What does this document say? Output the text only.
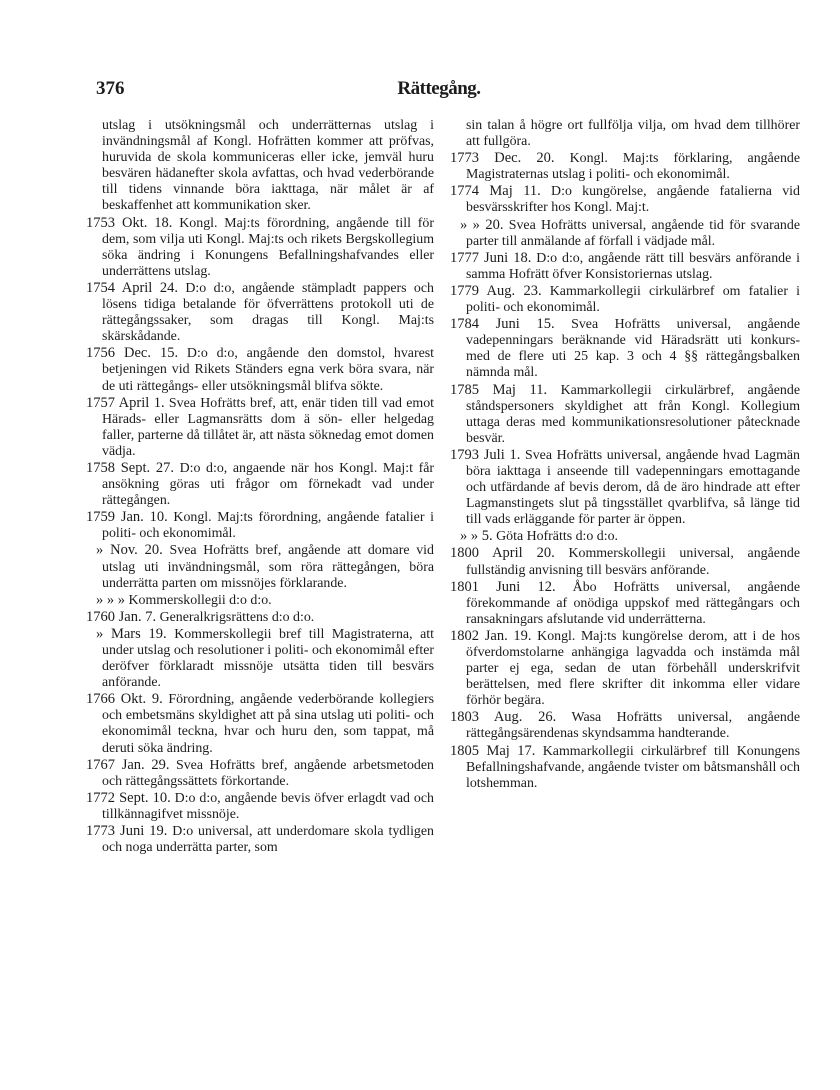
376	Rättegång.

utslag i utsökningsmål och underrätternas utslag i invändningsmål af Kongl. Hofrätten kommer att pröfvas, huruvida de skola kommuniceras eller icke, jemväl huru besvären hädanefter skola avfattas, och hvad vederbörande till tidens vinnande böra iakttaga, när målet är af beskaffenhet att kommunikation sker.

1753 Okt. 18. Kongl. Maj:ts förordning, angående till för dem, som vilja uti Kongl. Maj:ts och rikets Bergskollegium söka ändring i Konungens Befallningshafvandes eller underrättens utslag.

1754 April 24. D:o d:o, angående stämpladt pappers och lösens tidiga betalande för öfverrättens protokoll uti de rättegångssaker, som dragas till Kongl. Maj:ts skärskådande.

1756 Dec. 15. D:o d:o, angående den domstol, hvarest betjeningen vid Rikets Ständers egna verk böra svara, när de uti rättegångs- eller utsökningsmål blifva sökte.

1757 April 1. Svea Hofrätts bref, att, enär tiden till vad emot Härads- eller Lagmansrätts dom ä sön- eller helgedag faller, parterne då tillåtet är, att nästa söknedag emot domen vädja.

1758 Sept. 27. D:o d:o, angaende när hos Kongl. Maj:t får ansökning göras uti frågor om förnekadt vad under rättegången.

1759 Jan. 10. Kongl. Maj:ts förordning, angående fatalier i politi- och ekonomimål.

» Nov. 20. Svea Hofrätts bref, angående att domare vid utslag uti invändningsmål, som röra rättegången, böra underrätta parten om missnöjes förklarande.

» » » Kommerskollegii d:o d:o.

1760 Jan. 7. Generalkrigsrättens d:o d:o.

» Mars 19. Kommerskollegii bref till Magistraterna, att under utslag och resolutioner i politi- och ekonomimål efter deröfver förklaradt missnöje utsätta tiden till besvärs anförande.

1766 Okt. 9. Förordning, angående vederbörande kollegiers och embetsmäns skyldighet att på sina utslag uti politi- och ekonomimål teckna, hvar och huru den, som tappat, må deruti söka ändring.

1767 Jan. 29. Svea Hofrätts bref, angående arbetsmetoden och rättegångssättets förkortande.

1772 Sept. 10. D:o d:o, angående bevis öfver erlagdt vad och tillkännagifvet missnöje.

1773 Juni 19. D:o universal, att underdomare skola tydligen och noga underrätta parter, som

sin talan å högre ort fullfölja vilja, om hvad dem tillhörer att fullgöra.

1773 Dec. 20. Kongl. Maj:ts förklaring, angående Magistraternas utslag i politi- och ekonomimål.

1774 Maj 11. D:o kungörelse, angående fatalierna vid besvärsskrifter hos Kongl. Maj:t.

» » 20. Svea Hofrätts universal, angående tid för svarande parter till anmälande af förfall i vädjade mål.

1777 Juni 18. D:o d:o, angående rätt till besvärs anförande i samma Hofrätt öfver Konsistoriernas utslag.

1779 Aug. 23. Kammarkollegii cirkulärbref om fatalier i politi- och ekonomimål.

1784 Juni 15. Svea Hofrätts universal, angående vadepenningars beräknande vid Häradsrätt uti konkurs- med de flere uti 25 kap. 3 och 4 §§ rättegångsbalken nämnda mål.

1785 Maj 11. Kammarkollegii cirkulärbref, angående ståndspersoners skyldighet att från Kongl. Kollegium uttaga deras med kommunikationsresolutioner påtecknade besvär.

1793 Juli 1. Svea Hofrätts universal, angående hvad Lagmän böra iakttaga i anseende till vadepenningars emottagande och utfärdande af bevis derom, då de äro hindrade att efter Lagmanstingets slut på tingsstället qvarblifva, så länge tid till vads erläggande för parter är öppen.

» » 5. Göta Hofrätts d:o d:o.

1800 April 20. Kommerskollegii universal, angående fullständig anvisning till besvärs anförande.

1801 Juni 12. Åbo Hofrätts universal, angående förekommande af onödiga uppskof med rättegångars och ransakningars afslutande vid underrätterna.

1802 Jan. 19. Kongl. Maj:ts kungörelse derom, att i de hos öfverdomstolarne anhängiga lagvadda och instämda mål parter ej ega, sedan de utan förbehåll underskrifvit berättelsen, med flere skrifter dit inkomma eller vidare förhör begära.

1803 Aug. 26. Wasa Hofrätts universal, angående rättegångsärendenas skyndsamma handterande.

1805 Maj 17. Kammarkollegii cirkulärbref till Konungens Befallningshafvande, angående tvister om båtsmanshåll och lotshemman.
